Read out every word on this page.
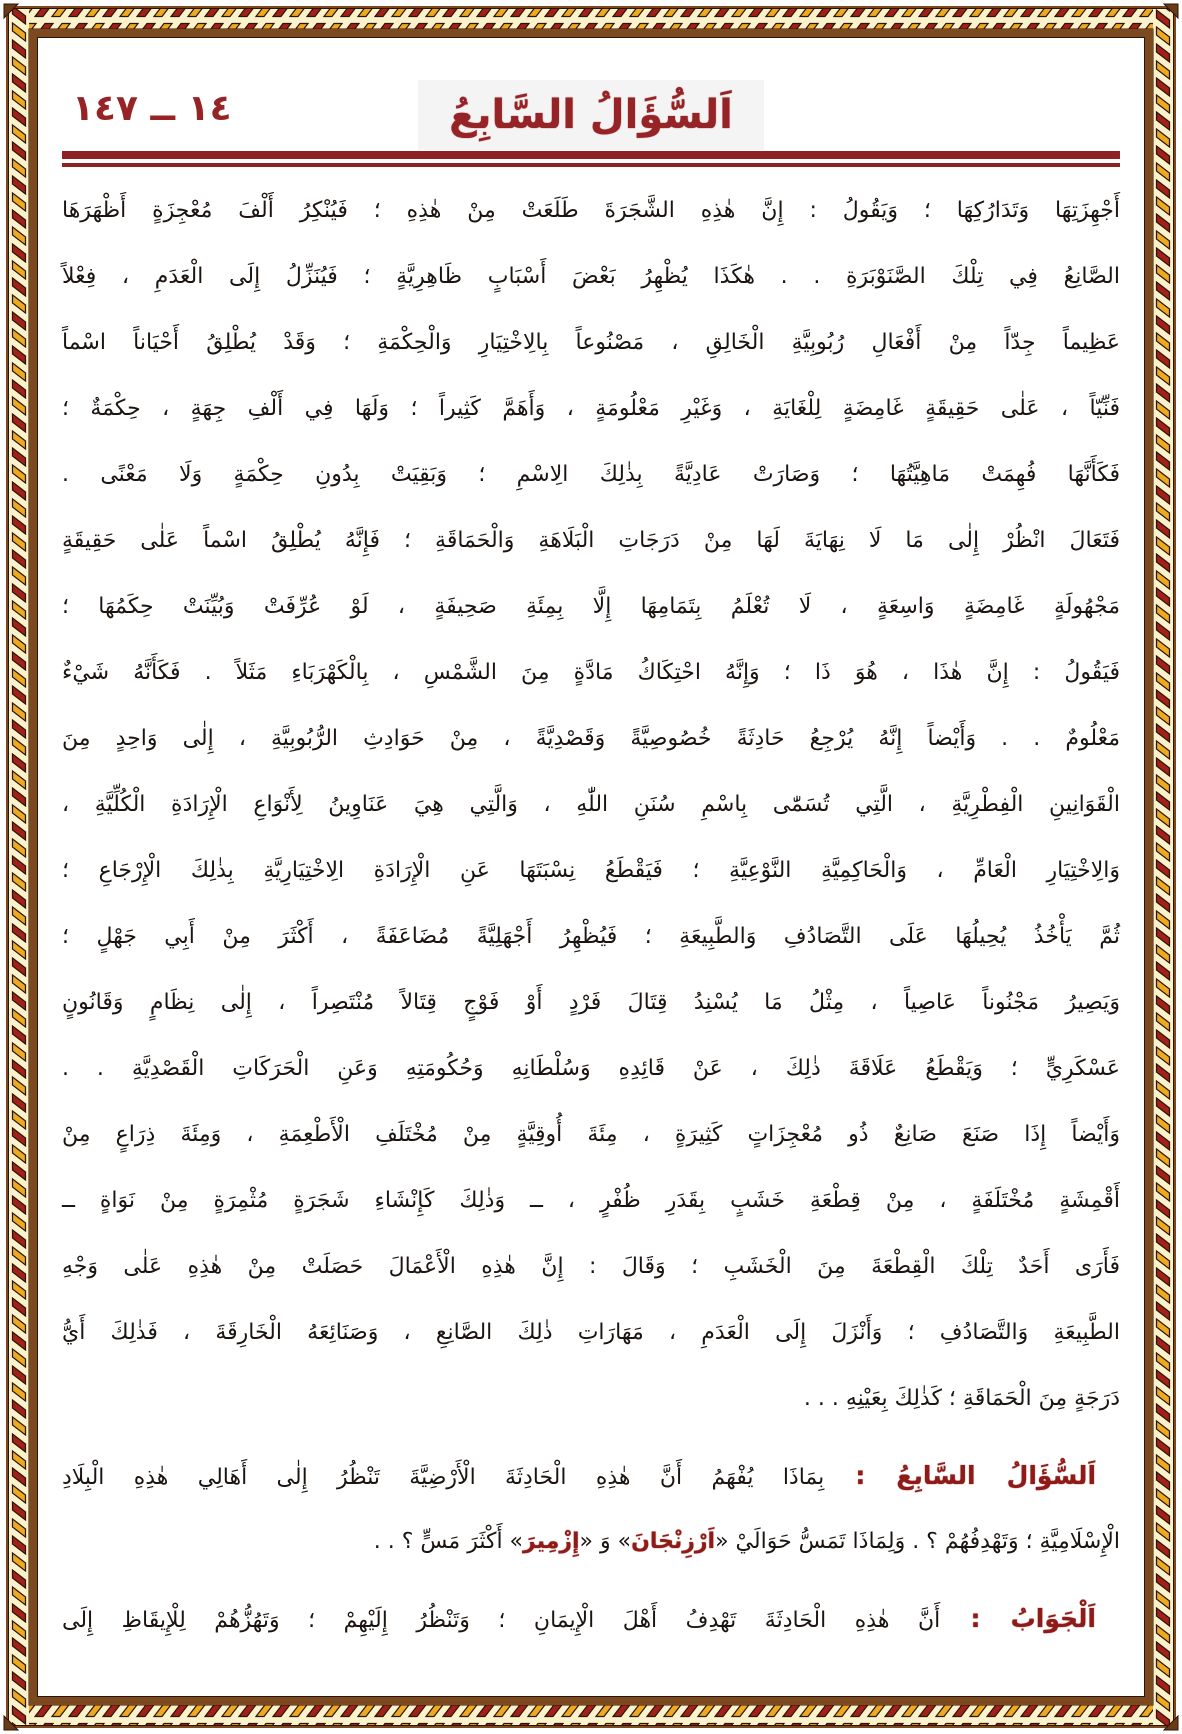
١٤ ــ ١٤٧	اَلسُّؤَالُ السَّابِعُ
أَجْهِزَتِهَا وَتَدَارُكِهَا ؛ وَيَقُولُ : إِنَّ هٰذِهِ الشَّجَرَةَ طَلَعَتْ مِنْ هٰذِهِ ؛ فَيُنْكِرُ أَلْفَ مُعْجِزَةٍ أَظْهَرَهَا
الصَّانِعُ فِي تِلْكَ الصَّنَوْبَرَةِ . . هٰكَذَا يُظْهِرُ بَعْضَ أَسْبَابٍ ظَاهِرِيَّةٍ ؛ فَيُنَزِّلُ إِلَى الْعَدَمِ ، فِعْلاً
عَظِيماً جِدّاً مِنْ أَفْعَالِ رُبُوبِيَّةِ الْخَالِقِ ، مَصْنُوعاً بِالِاخْتِيَارِ وَالْحِكْمَةِ ؛ وَقَدْ يُطْلِقُ أَحْيَاناً اسْماً
فَنِّيّاً ، عَلٰى حَقِيقَةٍ غَامِضَةٍ لِلْغَايَةِ ، وَغَيْرِ مَعْلُومَةٍ ، وَأَهَمَّ كَثِيراً ؛ وَلَهَا فِي أَلْفِ جِهَةٍ ، حِكْمَةٌ ؛
فَكَأَنَّهَا فُهِمَتْ مَاهِيَّتُهَا ؛ وَصَارَتْ عَادِيَّةً بِذٰلِكَ الِاسْمِ ؛ وَبَقِيَتْ بِدُونِ حِكْمَةٍ وَلَا مَعْنًى .
فَتَعَالَ انْظُرْ إِلٰى مَا لَا نِهَايَةَ لَهَا مِنْ دَرَجَاتِ الْبَلَاهَةِ وَالْحَمَاقَةِ ؛ فَإِنَّهُ يُطْلِقُ اسْماً عَلٰى حَقِيقَةٍ
مَجْهُولَةٍ غَامِضَةٍ وَاسِعَةٍ ، لَا تُعْلَمُ بِتَمَامِهَا إِلَّا بِمِئَةِ صَحِيفَةٍ ، لَوْ عُرِّفَتْ وَبُيِّنَتْ حِكَمُهَا ؛
فَيَقُولُ : إِنَّ هٰذَا ، هُوَ ذَا ؛ وَإِنَّهُ احْتِكَاكُ مَادَّةٍ مِنَ الشَّمْسِ ، بِالْكَهْرَبَاءِ مَثَلاً . فَكَأَنَّهُ شَيْءٌ
مَعْلُومٌ . . وَأَيْضاً إِنَّهُ يُرْجِعُ حَادِثَةً خُصُوصِيَّةً وَقَصْدِيَّةً ، مِنْ حَوَادِثِ الرُّبُوبِيَّةِ ، إِلٰى وَاحِدٍ مِنَ
الْقَوَانِينِ الْفِطْرِيَّةِ ، الَّتِي تُسَمّٰى بِاسْمِ سُنَنِ اللّٰهِ ، وَالَّتِي هِيَ عَنَاوِينُ لِأَنْوَاعِ الْإِرَادَةِ الْكُلِّيَّةِ ،
وَالِاخْتِيَارِ الْعَامِّ ، وَالْحَاكِمِيَّةِ النَّوْعِيَّةِ ؛ فَيَقْطَعُ نِسْبَتَهَا عَنِ الْإِرَادَةِ الِاخْتِيَارِيَّةِ بِذٰلِكَ الْإِرْجَاعِ ؛
ثُمَّ يَأْخُذُ يُحِيلُهَا عَلَى التَّصَادُفِ وَالطَّبِيعَةِ ؛ فَيُظْهِرُ أَجْهَلِيَّةً مُضَاعَفَةً ، أَكْثَرَ مِنْ أَبِي جَهْلٍ ؛
وَيَصِيرُ مَجْنُوناً عَاصِياً ، مِثْلُ مَا يُسْنِدُ قِتَالَ فَرْدٍ أَوْ فَوْجٍ قِتَالاً مُنْتَصِراً ، إِلٰى نِظَامٍ وَقَانُونٍ
عَسْكَرِيٍّ ؛ وَيَقْطَعُ عَلَاقَةَ ذٰلِكَ ، عَنْ قَائِدِهِ وَسُلْطَانِهِ وَحُكُومَتِهِ وَعَنِ الْحَرَكَاتِ الْقَصْدِيَّةِ . .
وَأَيْضاً إِذَا صَنَعَ صَانِعٌ ذُو مُعْجِزَاتٍ كَثِيرَةٍ ، مِئَةَ أُوقِيَّةٍ مِنْ مُخْتَلَفِ الْأَطْعِمَةِ ، وَمِئَةَ ذِرَاعٍ مِنْ
أَقْمِشَةٍ مُخْتَلَفَةٍ ، مِنْ قِطْعَةِ خَشَبٍ بِقَدَرِ ظُفْرٍ ، ــ وَذٰلِكَ كَإِنْشَاءِ شَجَرَةٍ مُثْمِرَةٍ مِنْ نَوَاةٍ ــ
فَأَرَى أَحَدٌ تِلْكَ الْقِطْعَةَ مِنَ الْخَشَبِ ؛ وَقَالَ : إِنَّ هٰذِهِ الْأَعْمَالَ حَصَلَتْ مِنْ هٰذِهِ عَلٰى وَجْهِ
الطَّبِيعَةِ وَالتَّصَادُفِ ؛ وَأَنْزَلَ إِلَى الْعَدَمِ ، مَهَارَاتِ ذٰلِكَ الصَّانِعِ ، وَصَنَائِعَهُ الْخَارِقَةَ ، فَذٰلِكَ أَيُّ
دَرَجَةٍ مِنَ الْحَمَاقَةِ ؛ كَذٰلِكَ بِعَيْنِهِ . . .
اَلسُّؤَالُ السَّابِعُ : بِمَاذَا يُفْهَمُ أَنَّ هٰذِهِ الْحَادِثَةَ الْأَرْضِيَّةَ تَنْظُرُ إِلٰى أَهَالِي هٰذِهِ الْبِلَادِ
الْإِسْلَامِيَّةِ ؛ وَتَهْدِفُهُمْ ؟ . وَلِمَاذَا تَمَسُّ حَوَالَيْ «اَرْزِنْجَانَ» وَ «إِزْمِيرَ» أَكْثَرَ مَسٍّ ؟ . .
اَلْجَوَابُ : أَنَّ هٰذِهِ الْحَادِثَةَ تَهْدِفُ أَهْلَ الْإِيمَانِ ؛ وَتَنْظُرُ إِلَيْهِمْ ؛ وَتَهُزُّهُمْ لِلْإِيقَاظِ إِلَى
